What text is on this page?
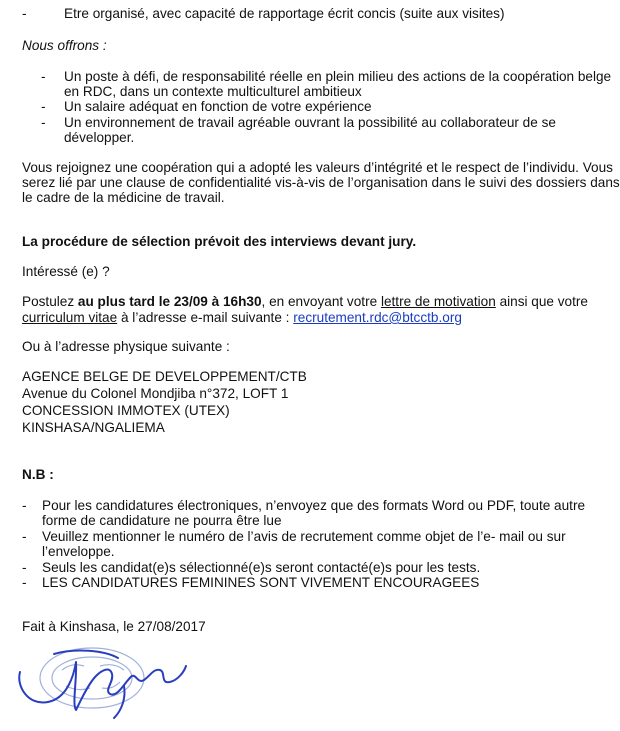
-	Etre organisé, avec capacité de rapportage écrit concis (suite aux visites)
Nous offrons :
- Un poste à défi, de responsabilité réelle en plein milieu des actions de la coopération belge
en RDC, dans un contexte multiculturel ambitieux
- Un salaire adéquat en fonction de votre expérience
- Un environnement de travail agréable ouvrant la possibilité au collaborateur de se
développer.
Vous rejoignez une coopération qui a adopté les valeurs d’intégrité et le respect de l’individu. Vous
serez lié par une clause de confidentialité vis-à-vis de l’organisation dans le suivi des dossiers dans
le cadre de la médicine de travail.
La procédure de sélection prévoit des interviews devant jury.
Intéressé (e) ?
Postulez au plus tard le 23/09 à 16h30, en envoyant votre lettre de motivation ainsi que votre
curriculum vitae à l’adresse e-mail suivante : recrutement.rdc@btcctb.org
Ou à l’adresse physique suivante :
AGENCE BELGE DE DEVELOPPEMENT/CTB
Avenue du Colonel Mondjiba n°372, LOFT 1
CONCESSION IMMOTEX (UTEX)
KINSHASA/NGALIEMA
N.B :
- Pour les candidatures électroniques, n’envoyez que des formats Word ou PDF, toute autre
forme de candidature ne pourra être lue
- Veuillez mentionner le numéro de l’avis de recrutement comme objet de l’e- mail ou sur
l’enveloppe.
- Seuls les candidat(e)s sélectionné(e)s seront contacté(e)s pour les tests.
- LES CANDIDATURES FEMININES SONT VIVEMENT ENCOURAGEES
Fait à Kinshasa, le 27/08/2017
